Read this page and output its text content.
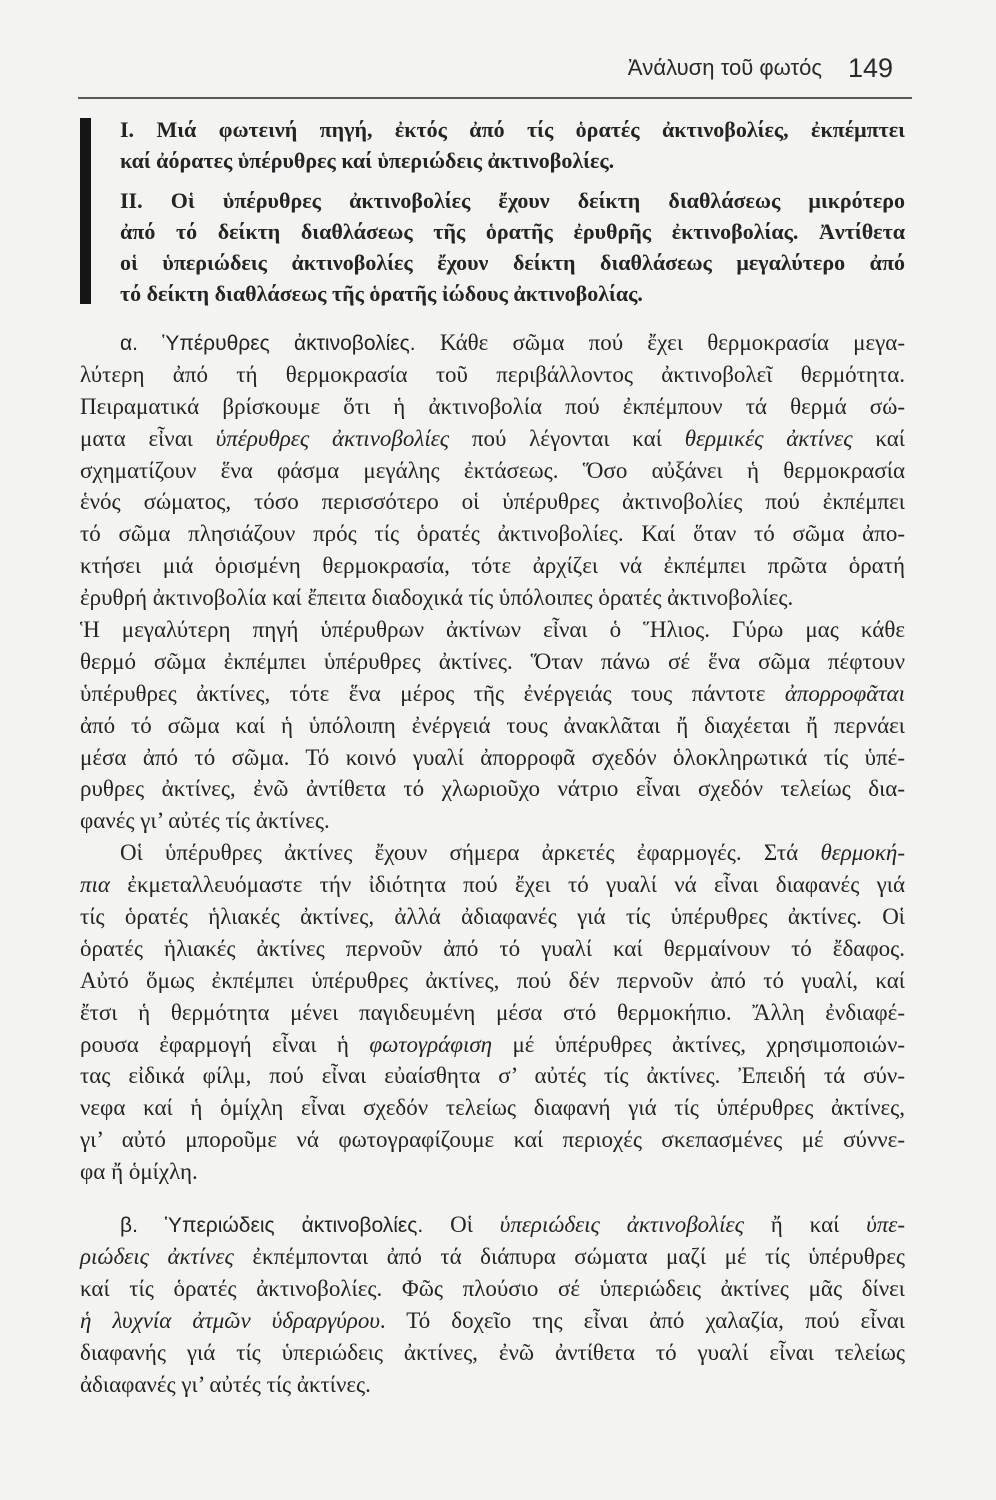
Ἀνάλυση τοῦ φωτός 149
I. Μιά φωτεινή πηγή, ἐκτός ἀπό τίς ὁρατές ἀκτινοβολίες, ἐκπέμπτει
καί ἀόρατες ὑπέρυθρες καί ὑπεριώδεις ἀκτινοβολίες.
II. Οἱ ὑπέρυθρες ἀκτινοβολίες ἔχουν δείκτη διαθλάσεως μικρότερο
ἀπό τό δείκτη διαθλάσεως τῆς ὁρατῆς ἐρυθρῆς ἐκτινοβολίας. Ἀντίθετα
οἱ ὑπεριώδεις ἀκτινοβολίες ἔχουν δείκτη διαθλάσεως μεγαλύτερο ἀπό
τό δείκτη διαθλάσεως τῆς ὁρατῆς ἰώδους ἀκτινοβολίας.
α. Ὑπέρυθρες ἀκτινοβολίες. Κάθε σῶμα πού ἔχει θερμοκρασία μεγα-
λύτερη ἀπό τή θερμοκρασία τοῦ περιβάλλοντος ἀκτινοβολεῖ θερμότητα.
Πειραματικά βρίσκουμε ὅτι ἡ ἀκτινοβολία πού ἐκπέμπουν τά θερμά σώ-
ματα εἶναι ὑπέρυθρες ἀκτινοβολίες πού λέγονται καί θερμικές ἀκτίνες καί
σχηματίζουν ἕνα φάσμα μεγάλης ἐκτάσεως. Ὅσο αὐξάνει ἡ θερμοκρασία
ἑνός σώματος, τόσο περισσότερο οἱ ὑπέρυθρες ἀκτινοβολίες πού ἐκπέμπει
τό σῶμα πλησιάζουν πρός τίς ὁρατές ἀκτινοβολίες. Καί ὅταν τό σῶμα ἀπο-
κτήσει μιά ὁρισμένη θερμοκρασία, τότε ἀρχίζει νά ἐκπέμπει πρῶτα ὁρατή
ἐρυθρή ἀκτινοβολία καί ἔπειτα διαδοχικά τίς ὑπόλοιπες ὁρατές ἀκτινοβολίες.
Ἡ μεγαλύτερη πηγή ὑπέρυθρων ἀκτίνων εἶναι ὁ Ἥλιος. Γύρω μας κάθε
θερμό σῶμα ἐκπέμπει ὑπέρυθρες ἀκτίνες. Ὅταν πάνω σέ ἕνα σῶμα πέφτουν
ὑπέρυθρες ἀκτίνες, τότε ἕνα μέρος τῆς ἐνέργειάς τους πάντοτε ἀπορροφᾶται
ἀπό τό σῶμα καί ἡ ὑπόλοιπη ἐνέργειά τους ἀνακλᾶται ἤ διαχέεται ἤ περνάει
μέσα ἀπό τό σῶμα. Τό κοινό γυαλί ἀπορροφᾶ σχεδόν ὁλοκληρωτικά τίς ὑπέ-
ρυθρες ἀκτίνες, ἐνῶ ἀντίθετα τό χλωριοῦχο νάτριο εἶναι σχεδόν τελείως δια-
φανές γι’ αὐτές τίς ἀκτίνες.
Οἱ ὑπέρυθρες ἀκτίνες ἔχουν σήμερα ἀρκετές ἐφαρμογές. Στά θερμοκή-
πια ἐκμεταλλευόμαστε τήν ἰδιότητα πού ἔχει τό γυαλί νά εἶναι διαφανές γιά
τίς ὁρατές ἡλιακές ἀκτίνες, ἀλλά ἀδιαφανές γιά τίς ὑπέρυθρες ἀκτίνες. Οἱ
ὁρατές ἡλιακές ἀκτίνες περνοῦν ἀπό τό γυαλί καί θερμαίνουν τό ἔδαφος.
Αὐτό ὅμως ἐκπέμπει ὑπέρυθρες ἀκτίνες, πού δέν περνοῦν ἀπό τό γυαλί, καί
ἔτσι ἡ θερμότητα μένει παγιδευμένη μέσα στό θερμοκήπιο. Ἄλλη ἐνδιαφέ-
ρουσα ἐφαρμογή εἶναι ἡ φωτογράφιση μέ ὑπέρυθρες ἀκτίνες, χρησιμοποιών-
τας εἰδικά φίλμ, πού εἶναι εὐαίσθητα σ’ αὐτές τίς ἀκτίνες. Ἐπειδή τά σύν-
νεφα καί ἡ ὁμίχλη εἶναι σχεδόν τελείως διαφανή γιά τίς ὑπέρυθρες ἀκτίνες,
γι’ αὐτό μποροῦμε νά φωτογραφίζουμε καί περιοχές σκεπασμένες μέ σύννε-
φα ἤ ὁμίχλη.
β. Ὑπεριώδεις ἀκτινοβολίες. Οἱ ὑπεριώδεις ἀκτινοβολίες ἤ καί ὑπε-
ριώδεις ἀκτίνες ἐκπέμπονται ἀπό τά διάπυρα σώματα μαζί μέ τίς ὑπέρυθρες
καί τίς ὁρατές ἀκτινοβολίες. Φῶς πλούσιο σέ ὑπεριώδεις ἀκτίνες μᾶς δίνει
ἡ λυχνία ἀτμῶν ὑδραργύρου. Τό δοχεῖο της εἶναι ἀπό χαλαζία, πού εἶναι
διαφανής γιά τίς ὑπεριώδεις ἀκτίνες, ἐνῶ ἀντίθετα τό γυαλί εἶναι τελείως
ἀδιαφανές γι’ αὐτές τίς ἀκτίνες.
